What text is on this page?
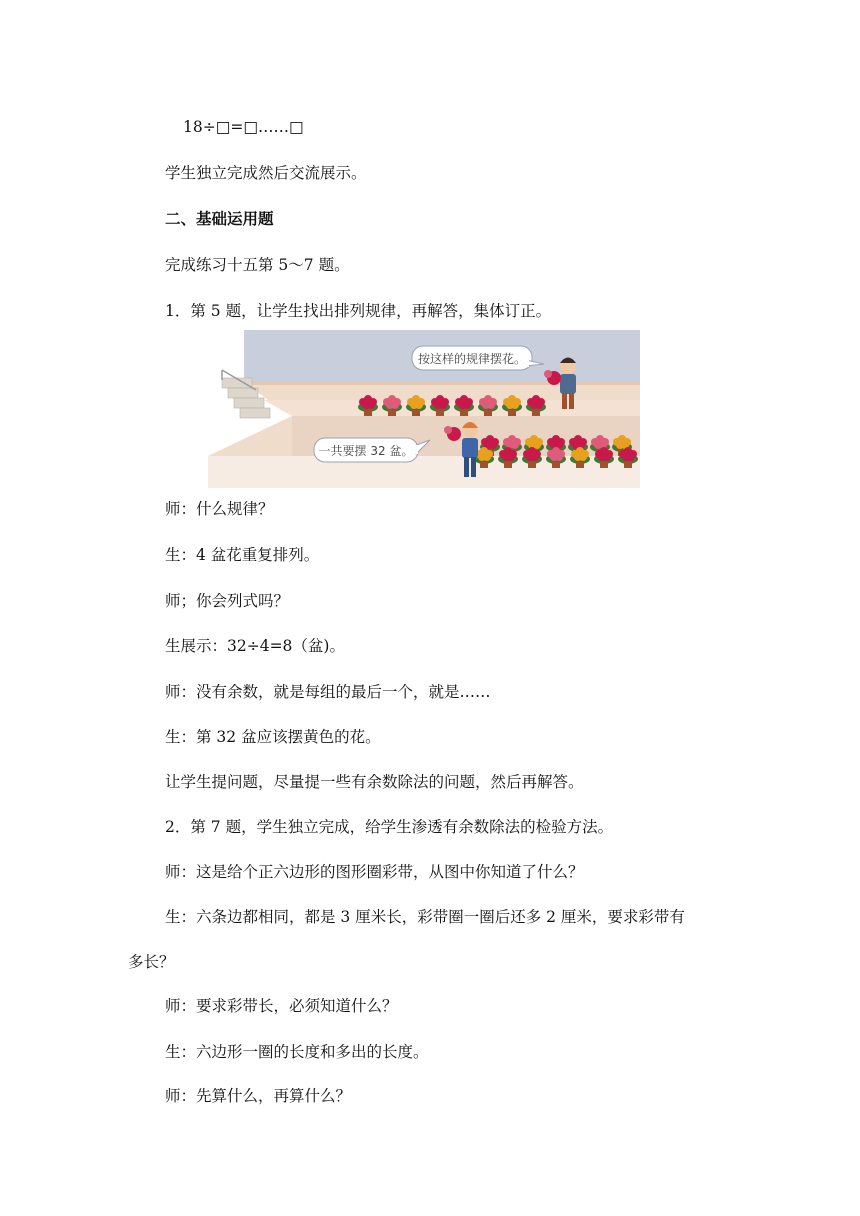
18÷□=□……□

学生独立完成然后交流展示。

二、基础运用题

完成练习十五第 5～7 题。

1．第 5 题，让学生找出排列规律，再解答，集体订正。

按这样的规律摆花。
一共要摆 32 盆。

师：什么规律？

生：4 盆花重复排列。

师；你会列式吗？

生展示：32÷4=8（盆)。

师：没有余数，就是每组的最后一个，就是……

生：第 32 盆应该摆黄色的花。

让学生提问题，尽量提一些有余数除法的问题，然后再解答。

2．第 7 题，学生独立完成，给学生渗透有余数除法的检验方法。

师：这是给个正六边形的图形圈彩带，从图中你知道了什么？

生：六条边都相同，都是 3 厘米长，彩带圈一圈后还多 2 厘米，要求彩带有

多长？

师：要求彩带长，必须知道什么？

生：六边形一圈的长度和多出的长度。

师：先算什么，再算什么？
